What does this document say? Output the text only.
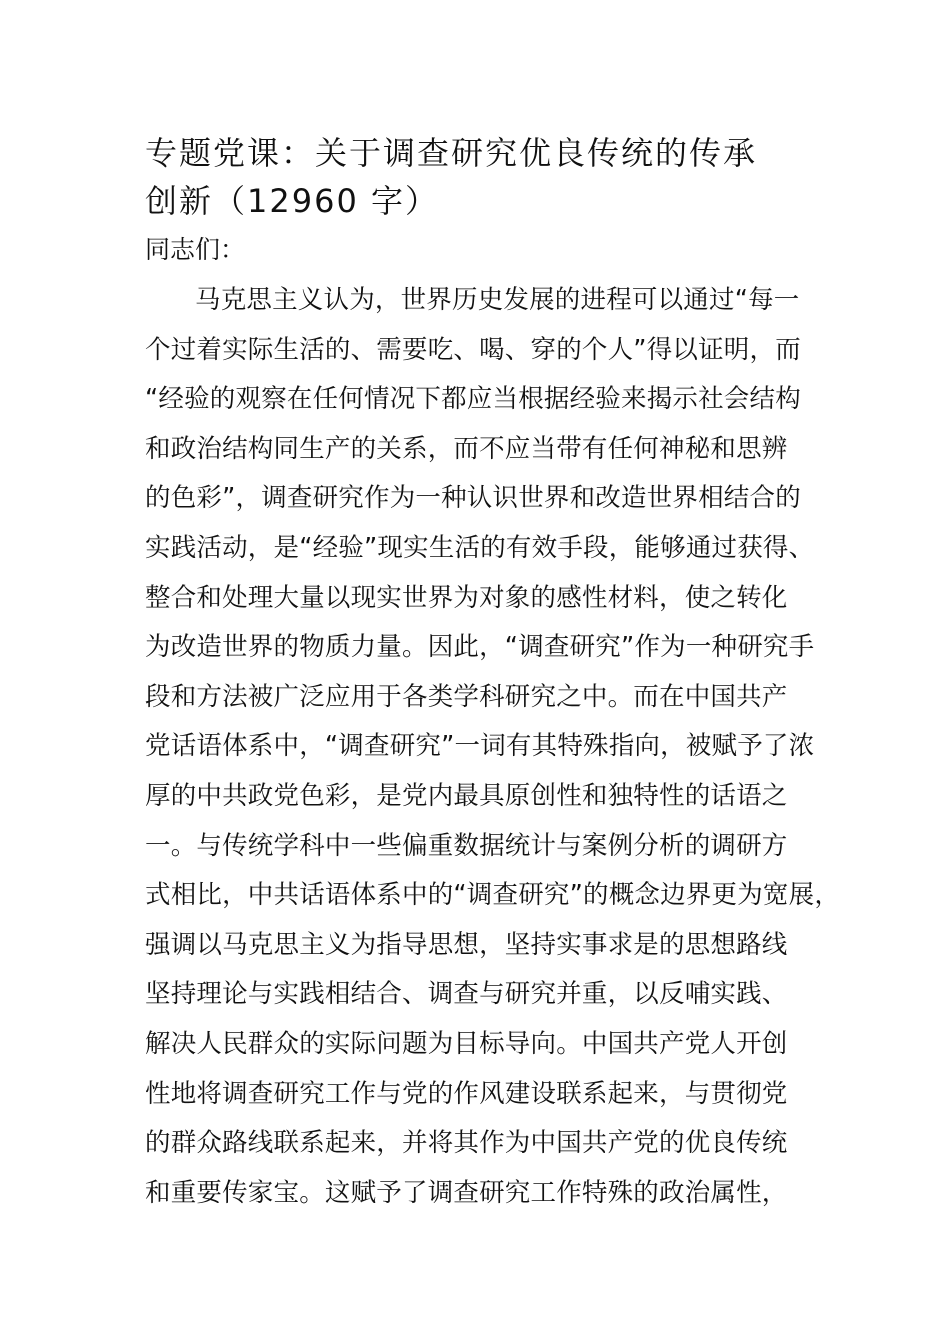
专题党课：关于调查研究优良传统的传承
创新（12960 字）

同志们：

马克思主义认为，世界历史发展的进程可以通过“每一
个过着实际生活的、需要吃、喝、穿的个人”得以证明，而
“经验的观察在任何情况下都应当根据经验来揭示社会结构
和政治结构同生产的关系，而不应当带有任何神秘和思辨
的色彩”，调查研究作为一种认识世界和改造世界相结合的
实践活动，是“经验”现实生活的有效手段，能够通过获得、
整合和处理大量以现实世界为对象的感性材料，使之转化
为改造世界的物质力量。因此，“调查研究”作为一种研究手
段和方法被广泛应用于各类学科研究之中。而在中国共产
党话语体系中，“调查研究”一词有其特殊指向，被赋予了浓
厚的中共政党色彩，是党内最具原创性和独特性的话语之
一。与传统学科中一些偏重数据统计与案例分析的调研方
式相比，中共话语体系中的“调查研究”的概念边界更为宽展，
强调以马克思主义为指导思想，坚持实事求是的思想路线
坚持理论与实践相结合、调查与研究并重，以反哺实践、
解决人民群众的实际问题为目标导向。中国共产党人开创
性地将调查研究工作与党的作风建设联系起来，与贯彻党
的群众路线联系起来，并将其作为中国共产党的优良传统
和重要传家宝。这赋予了调查研究工作特殊的政治属性，
